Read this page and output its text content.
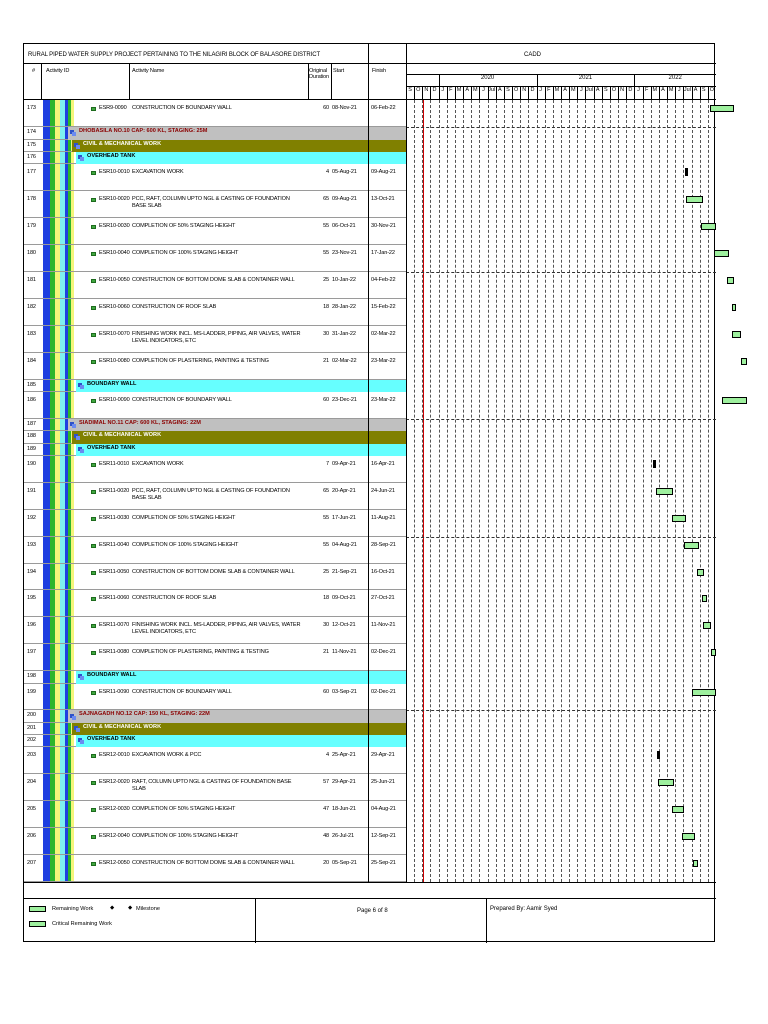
RURAL PIPED WATER SUPPLY PROJECT PERTAINING TO THE NILAGIRI BLOCK OF BALASORE DISTRICT	CADD
# Activity ID	Activity Name	Original Duration
Start	Finish
2020	2021	2022
S O N D J F M A M J Jul A S O N D J F M A M J Jul A S O N D J F M A M J Jul A S O
173	ESR9-0090 CONSTRUCTION OF BOUNDARY WALL	60 08-Nov-21	06-Feb-22
174	DHOBASILA NO.10 CAP: 600 KL, STAGING: 25M
175	CIVIL & MECHANICAL WORK
176	OVERHEAD TANK
177	ESR10-0010 EXCAVATION WORK	4 05-Aug-21	09-Aug-21
178	ESR10-0020 PCC, RAFT, COLUMN UPTO NGL & CASTING OF FOUNDATION BASE SLAB
65 09-Aug-21	13-Oct-21
179	ESR10-0030 COMPLETION OF 50% STAGING HEIGHT	55 06-Oct-21	30-Nov-21
180	ESR10-0040 COMPLETION OF 100% STAGING HEIGHT	55 23-Nov-21	17-Jan-22
181	ESR10-0050 CONSTRUCTION OF BOTTOM DOME SLAB & CONTAINER WALL	25 10-Jan-22	04-Feb-22
182	ESR10-0060 CONSTRUCTION OF ROOF SLAB	18 28-Jan-22	15-Feb-22
183	ESR10-0070 FINISHING WORK INCL. MS-LADDER, PIPING, AIR VALVES, WATER LEVEL INDICATORS, ETC
30 31-Jan-22	02-Mar-22
184	ESR10-0080 COMPLETION OF PLASTERING, PAINTING & TESTING	21 02-Mar-22	23-Mar-22
185	BOUNDARY WALL
186	ESR10-0090 CONSTRUCTION OF BOUNDARY WALL	60 23-Dec-21	23-Mar-22
187	SIADIMAL NO.11 CAP: 600 KL, STAGING: 22M
188	CIVIL & MECHANICAL WORK
189	OVERHEAD TANK
190	ESR11-0010 EXCAVATION WORK	7 09-Apr-21	16-Apr-21
191	ESR11-0020 PCC, RAFT, COLUMN UPTO NGL & CASTING OF FOUNDATION BASE SLAB
65 20-Apr-21	24-Jun-21
192	ESR11-0030 COMPLETION OF 50% STAGING HEIGHT	55 17-Jun-21	11-Aug-21
193	ESR11-0040 COMPLETION OF 100% STAGING HEIGHT	55 04-Aug-21	28-Sep-21
194	ESR11-0050 CONSTRUCTION OF BOTTOM DOME SLAB & CONTAINER WALL	25 21-Sep-21	16-Oct-21
195	ESR11-0060 CONSTRUCTION OF ROOF SLAB	18 09-Oct-21	27-Oct-21
196	ESR11-0070 FINISHING WORK INCL. MS-LADDER, PIPING, AIR VALVES, WATER LEVEL INDICATORS, ETC
30 12-Oct-21	11-Nov-21
197	ESR11-0080 COMPLETION OF PLASTERING, PAINTING & TESTING	21 11-Nov-21	02-Dec-21
198	BOUNDARY WALL
199	ESR11-0090 CONSTRUCTION OF BOUNDARY WALL	60 03-Sep-21	02-Dec-21
200	SAJNAGADH NO.12 CAP: 150 KL, STAGING: 22M
201	CIVIL & MECHANICAL WORK
202	OVERHEAD TANK
203	ESR12-0010 EXCAVATION WORK & PCC	4 25-Apr-21	29-Apr-21
204	ESR12-0020 RAFT, COLUMN UPTO NGL & CASTING OF FOUNDATION BASE SLAB
57 29-Apr-21	25-Jun-21
205	ESR12-0030 COMPLETION OF 50% STAGING HEIGHT	47 18-Jun-21	04-Aug-21
206	ESR12-0040 COMPLETION OF 100% STAGING HEIGHT	48 26-Jul-21	12-Sep-21
207	ESR12-0050 CONSTRUCTION OF BOTTOM DOME SLAB & CONTAINER WALL	20 05-Sep-21	25-Sep-21
Remaining Work	◆ ◆ Milestone
Critical Remaining Work
Page 6 of 8	Prepared By: Aamir Syed
